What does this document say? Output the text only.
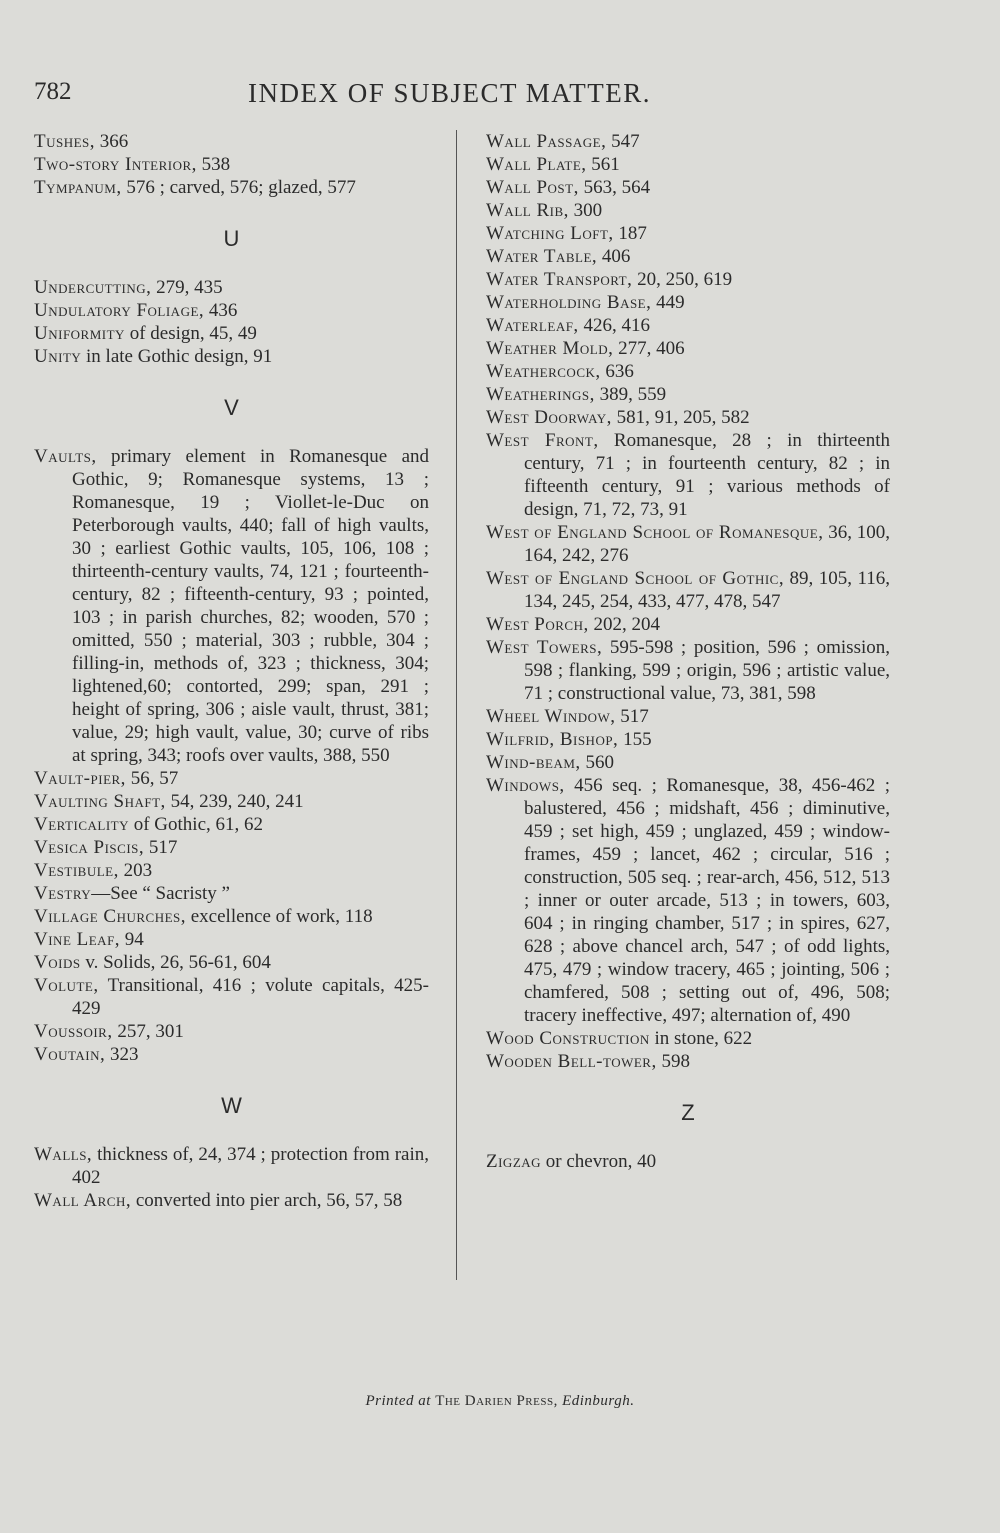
782	INDEX OF SUBJECT MATTER.
Tushes, 366
Two-story Interior, 538
Tympanum, 576 ; carved, 576; glazed, 577
U
Undercutting, 279, 435
Undulatory Foliage, 436
Uniformity of design, 45, 49
Unity in late Gothic design, 91
V
Vaults, primary element in Romanesque and Gothic, 9; Romanesque systems, 13 ; Romanesque, 19 ; Viollet-le-Duc on Peterborough vaults, 440; fall of high vaults, 30 ; earliest Gothic vaults, 105, 106, 108 ; thirteenth-century vaults, 74, 121 ; fourteenth-century, 82 ; fifteenth-century, 93 ; pointed, 103 ; in parish churches, 82; wooden, 570 ; omitted, 550 ; material, 303 ; rubble, 304 ; filling-in, methods of, 323 ; thickness, 304; lightened,60; contorted, 299; span, 291 ; height of spring, 306 ; aisle vault, thrust, 381; value, 29; high vault, value, 30; curve of ribs at spring, 343; roofs over vaults, 388, 550
Vault-pier, 56, 57
Vaulting Shaft, 54, 239, 240, 241
Verticality of Gothic, 61, 62
Vesica Piscis, 517
Vestibule, 203
Vestry—See “ Sacristy ”
Village Churches, excellence of work, 118
Vine Leaf, 94
Voids v. Solids, 26, 56-61, 604
Volute, Transitional, 416 ; volute capitals, 425-429
Voussoir, 257, 301
Voutain, 323
W
Walls, thickness of, 24, 374 ; protection from rain, 402
Wall Arch, converted into pier arch, 56, 57, 58
Wall Passage, 547
Wall Plate, 561
Wall Post, 563, 564
Wall Rib, 300
Watching Loft, 187
Water Table, 406
Water Transport, 20, 250, 619
Waterholding Base, 449
Waterleaf, 426, 416
Weather Mold, 277, 406
Weathercock, 636
Weatherings, 389, 559
West Doorway, 581, 91, 205, 582
West Front, Romanesque, 28 ; in thirteenth century, 71 ; in fourteenth century, 82 ; in fifteenth century, 91 ; various methods of design, 71, 72, 73, 91
West of England School of Romanesque, 36, 100, 164, 242, 276
West of England School of Gothic, 89, 105, 116, 134, 245, 254, 433, 477, 478, 547
West Porch, 202, 204
West Towers, 595-598 ; position, 596 ; omission, 598 ; flanking, 599 ; origin, 596 ; artistic value, 71 ; constructional value, 73, 381, 598
Wheel Window, 517
Wilfrid, Bishop, 155
Wind-beam, 560
Windows, 456 seq. ; Romanesque, 38, 456-462 ; balustered, 456 ; midshaft, 456 ; diminutive, 459 ; set high, 459 ; unglazed, 459 ; window-frames, 459 ; lancet, 462 ; circular, 516 ; construction, 505 seq. ; rear-arch, 456, 512, 513 ; inner or outer arcade, 513 ; in towers, 603, 604 ; in ringing chamber, 517 ; in spires, 627, 628 ; above chancel arch, 547 ; of odd lights, 475, 479 ; window tracery, 465 ; jointing, 506 ; chamfered, 508 ; setting out of, 496, 508; tracery ineffective, 497; alternation of, 490
Wood Construction in stone, 622
Wooden Bell-tower, 598
Z
Zigzag or chevron, 40
Printed at The Darien Press, Edinburgh.
